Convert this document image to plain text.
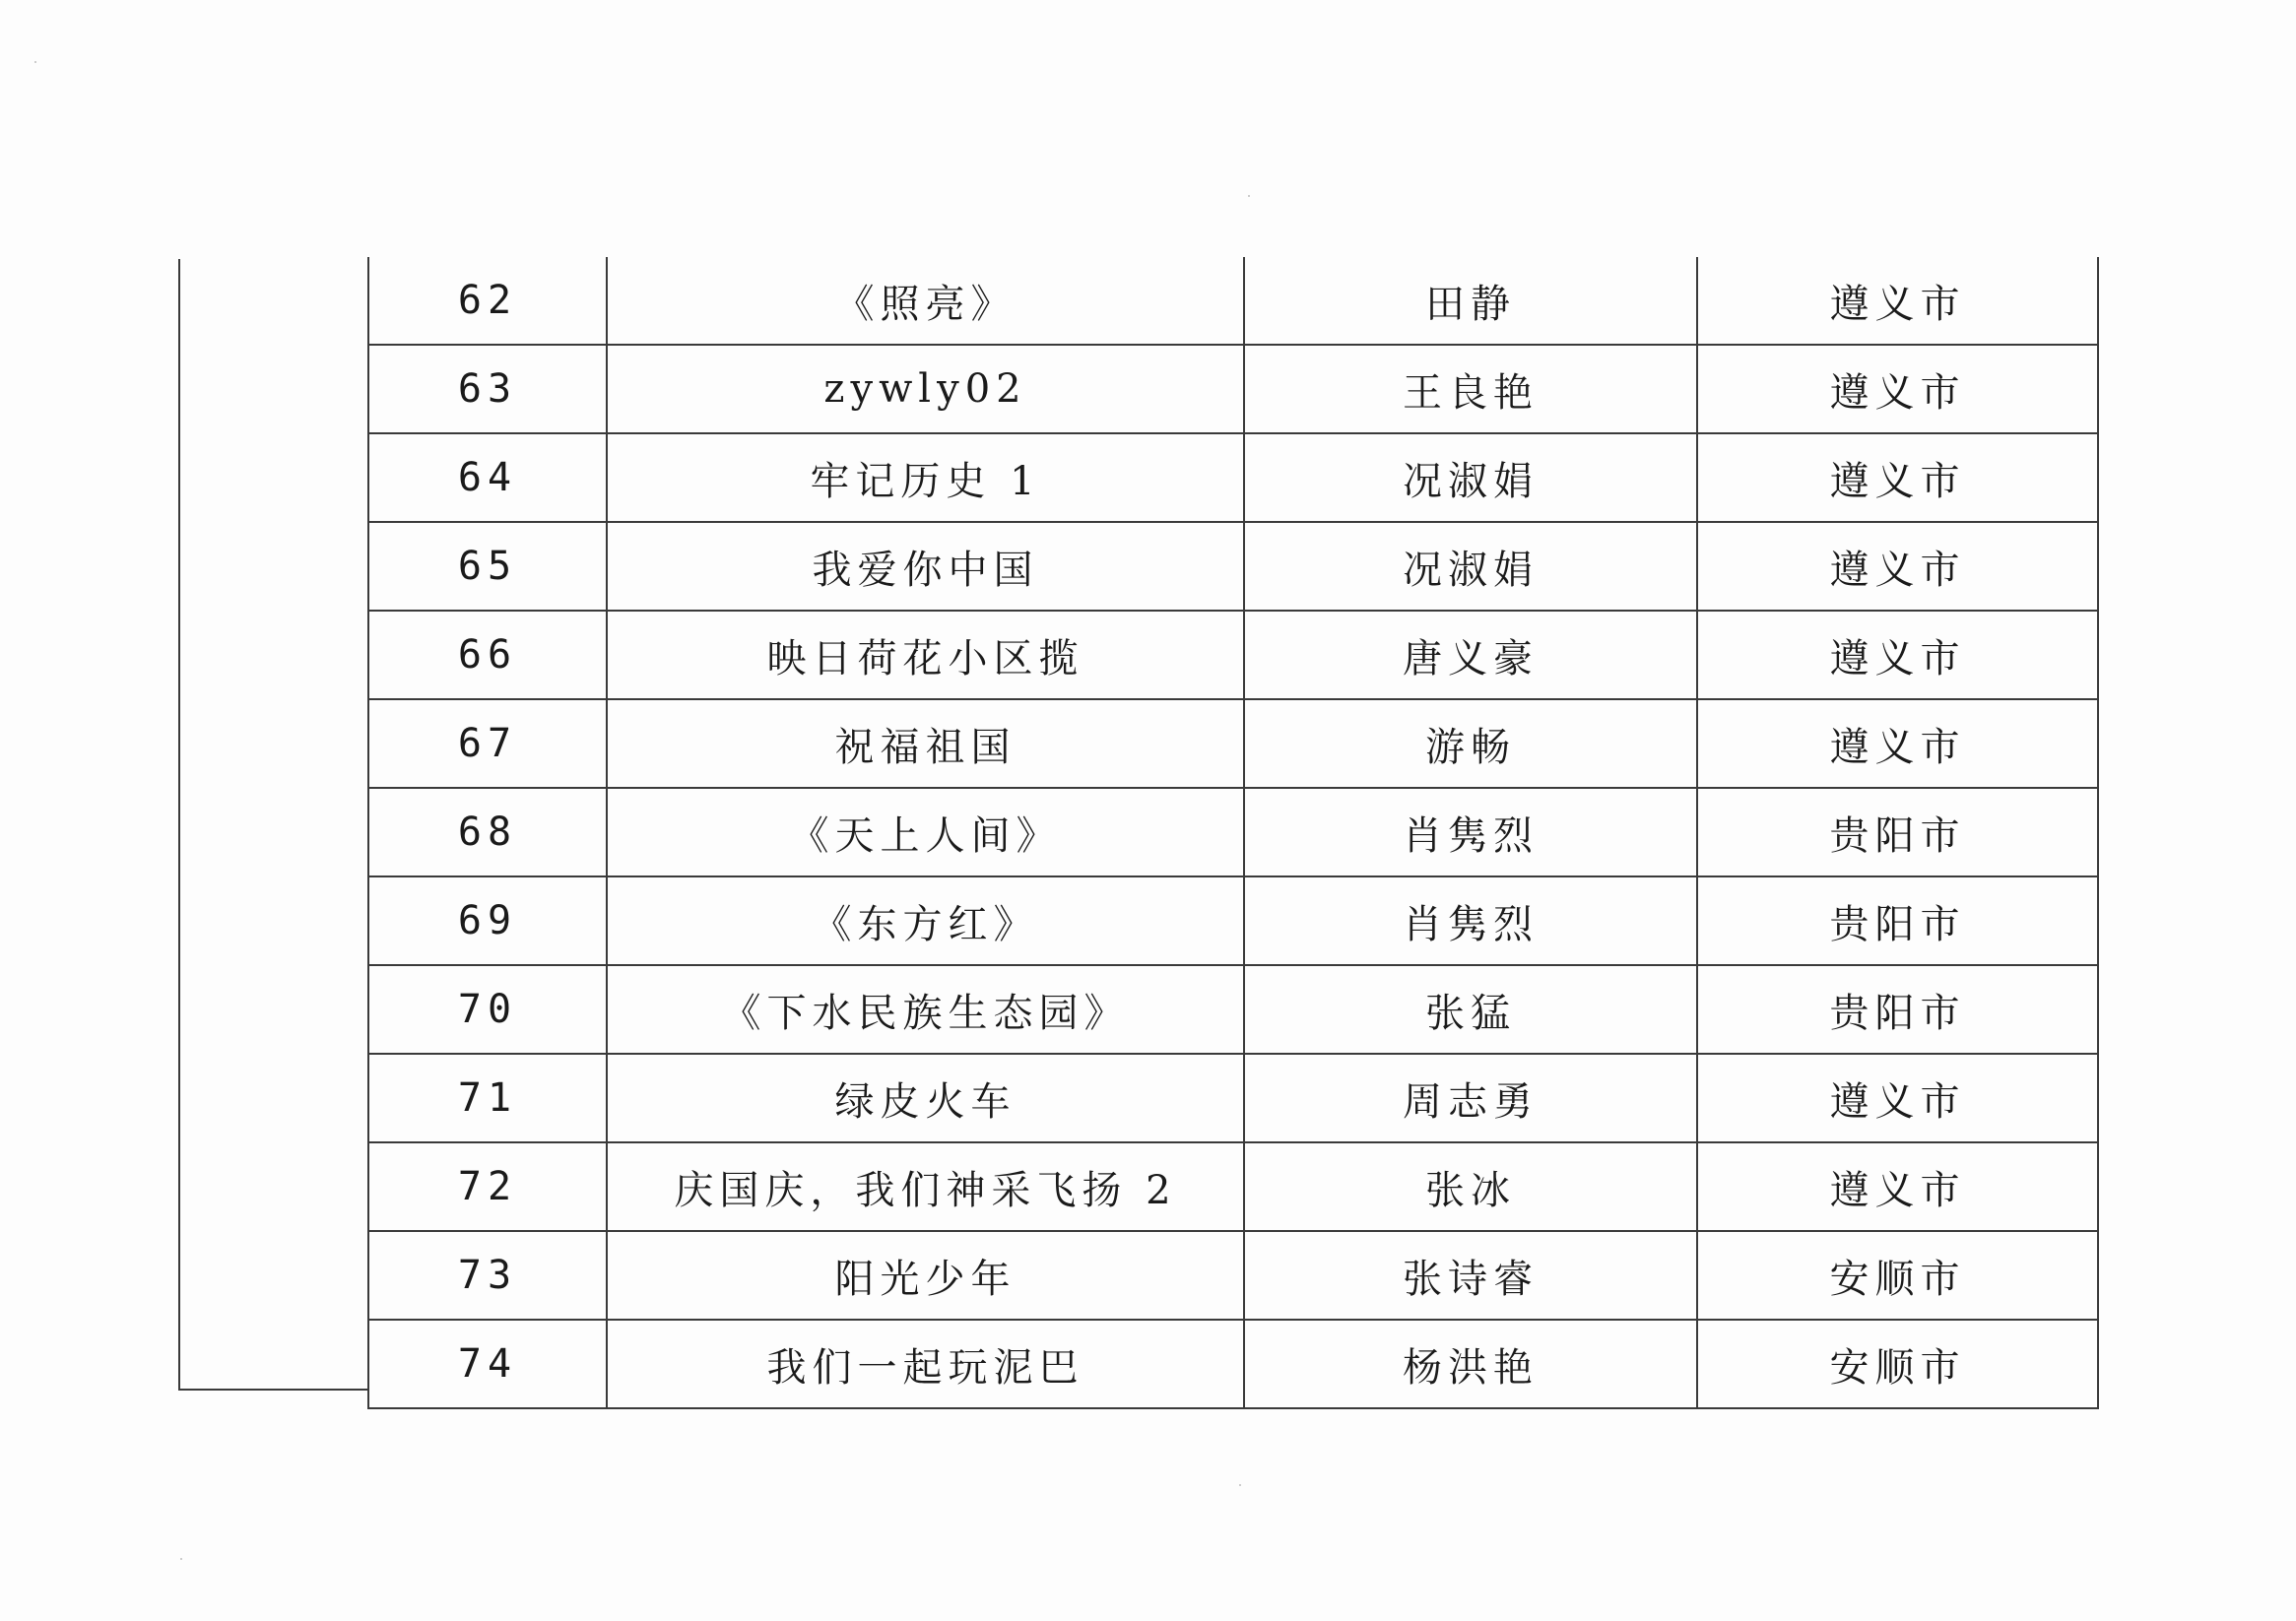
62	《照亮》	田静	遵义市
63	zywly02	王良艳	遵义市
64	牢记历史 1	况淑娟	遵义市
65	我爱你中国	况淑娟	遵义市
66	映日荷花小区揽	唐义豪	遵义市
67	祝福祖国	游畅	遵义市
68	《天上人间》	肖隽烈	贵阳市
69	《东方红》	肖隽烈	贵阳市
70	《下水民族生态园》	张猛	贵阳市
71	绿皮火车	周志勇	遵义市
72	庆国庆，我们神采飞扬 2	张冰	遵义市
73	阳光少年	张诗睿	安顺市
74	我们一起玩泥巴	杨洪艳	安顺市
